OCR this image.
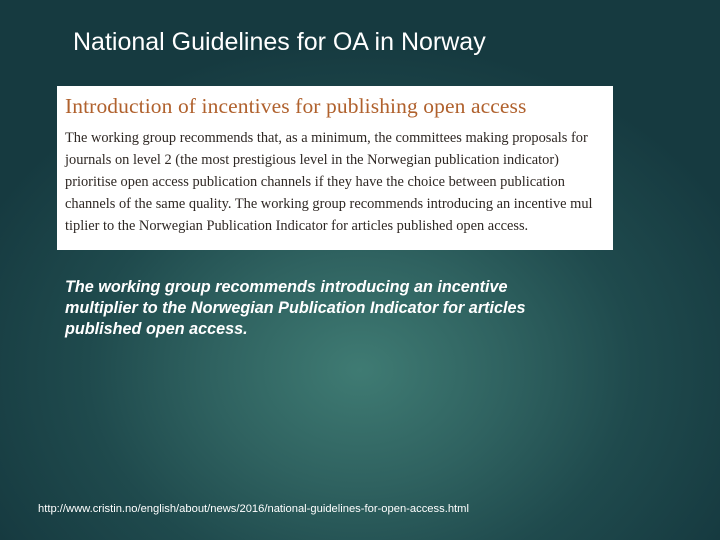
National Guidelines for OA in Norway
Introduction of incentives for publishing open access
The working group recommends that, as a minimum, the committees making proposals for
journals on level 2 (the most prestigious level in the Norwegian publication indicator)
prioritise open access publication channels if they have the choice between publication
channels of the same quality. The working group recommends introducing an incentive mul
tiplier to the Norwegian Publication Indicator for articles published open access.
The working group recommends introducing an incentive
multiplier to the Norwegian Publication Indicator for articles
published open access.
http://www.cristin.no/english/about/news/2016/national-guidelines-for-open-access.html
